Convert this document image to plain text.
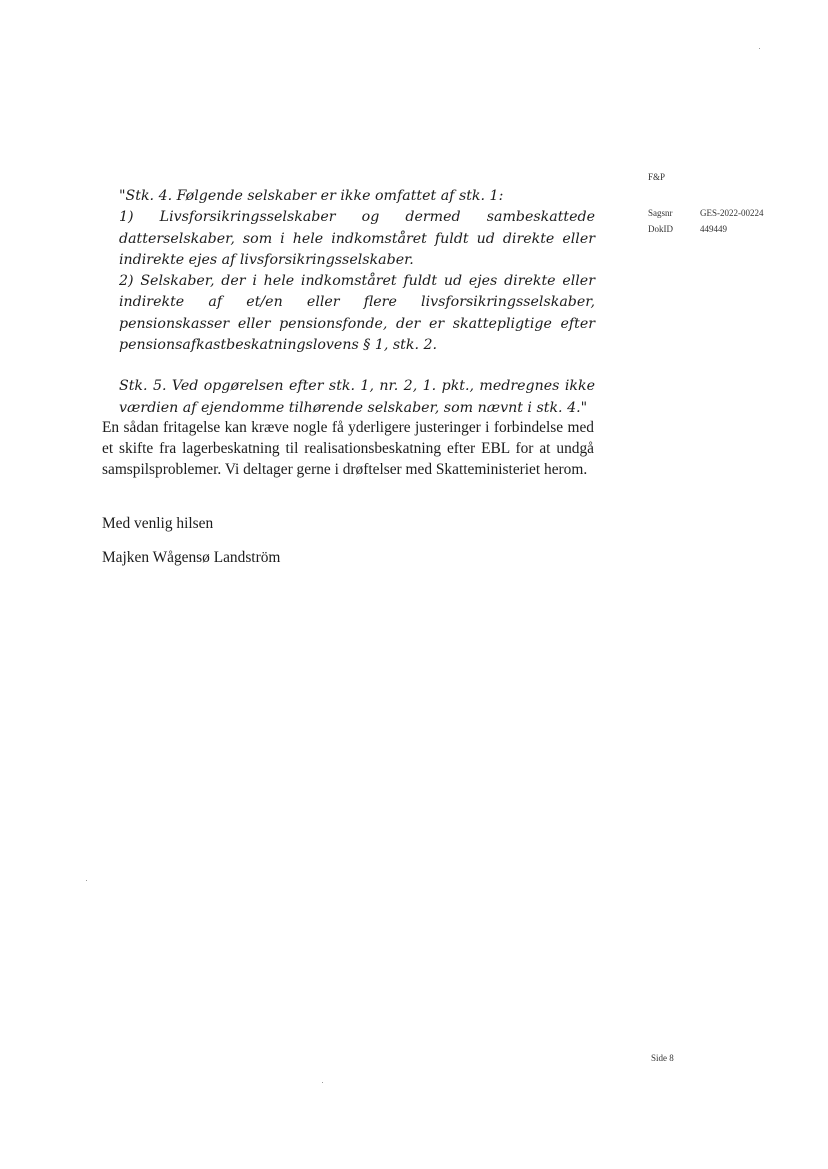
F&P
Sagsnr	GES-2022-00224
DokID	449449

"Stk. 4. Følgende selskaber er ikke omfattet af stk. 1:

1) Livsforsikringsselskaber og dermed sambeskattede datterselskaber, som i hele indkomståret fuldt ud direkte eller indirekte ejes af livsforsikringsselskaber.

2) Selskaber, der i hele indkomståret fuldt ud ejes direkte eller indirekte af et/en eller flere livsforsikringsselskaber, pensionskasser eller pensionsfonde, der er skattepligtige efter pensionsafkastbeskatningslovens § 1, stk. 2.

Stk. 5. Ved opgørelsen efter stk. 1, nr. 2, 1. pkt., medregnes ikke værdien af ejendomme tilhørende selskaber, som nævnt i stk. 4."

En sådan fritagelse kan kræve nogle få yderligere justeringer i forbindelse med et skifte fra lagerbeskatning til realisationsbeskatning efter EBL for at undgå samspilsproblemer. Vi deltager gerne i drøftelser med Skatteministeriet herom.

Med venlig hilsen
Majken Wågensø Landström
Side 8
